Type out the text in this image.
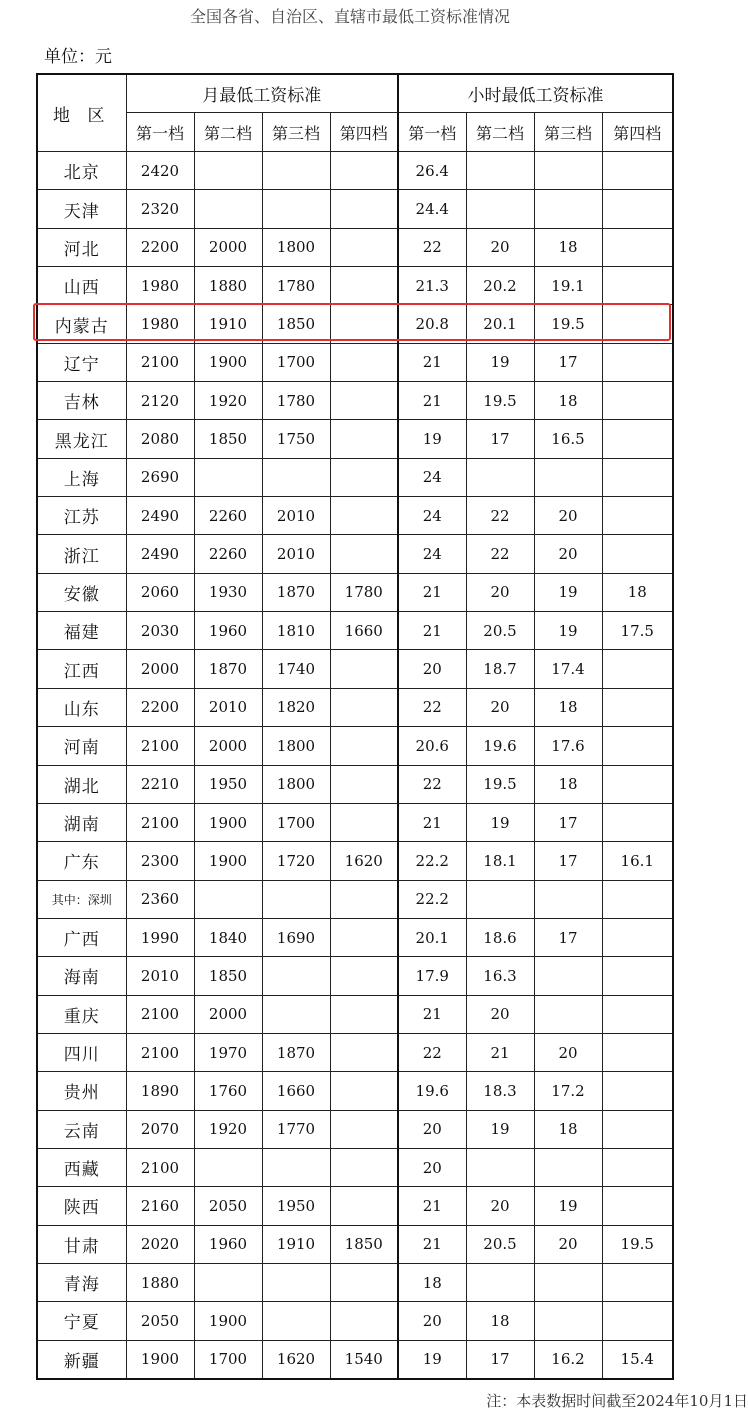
全国各省、自治区、直辖市最低工资标准情况
单位：元
地 区	月最低工资标准				小时最低工资标准			
	第一档	第二档	第三档	第四档	第一档	第二档	第三档	第四档
北京	2420				26.4			
天津	2320				24.4			
河北	2200	2000	1800		22	20	18	
山西	1980	1880	1780		21.3	20.2	19.1	
内蒙古	1980	1910	1850		20.8	20.1	19.5	
辽宁	2100	1900	1700		21	19	17	
吉林	2120	1920	1780		21	19.5	18	
黑龙江	2080	1850	1750		19	17	16.5	
上海	2690				24			
江苏	2490	2260	2010		24	22	20	
浙江	2490	2260	2010		24	22	20	
安徽	2060	1930	1870	1780	21	20	19	18
福建	2030	1960	1810	1660	21	20.5	19	17.5
江西	2000	1870	1740		20	18.7	17.4	
山东	2200	2010	1820		22	20	18	
河南	2100	2000	1800		20.6	19.6	17.6	
湖北	2210	1950	1800		22	19.5	18	
湖南	2100	1900	1700		21	19	17	
广东	2300	1900	1720	1620	22.2	18.1	17	16.1
其中：深圳	2360				22.2			
广西	1990	1840	1690		20.1	18.6	17	
海南	2010	1850			17.9	16.3		
重庆	2100	2000			21	20		
四川	2100	1970	1870		22	21	20	
贵州	1890	1760	1660		19.6	18.3	17.2	
云南	2070	1920	1770		20	19	18	
西藏	2100				20			
陕西	2160	2050	1950		21	20	19	
甘肃	2020	1960	1910	1850	21	20.5	20	19.5
青海	1880				18			
宁夏	2050	1900			20	18		
新疆	1900	1700	1620	1540	19	17	16.2	15.4
注：本表数据时间截至2024年10月1日
